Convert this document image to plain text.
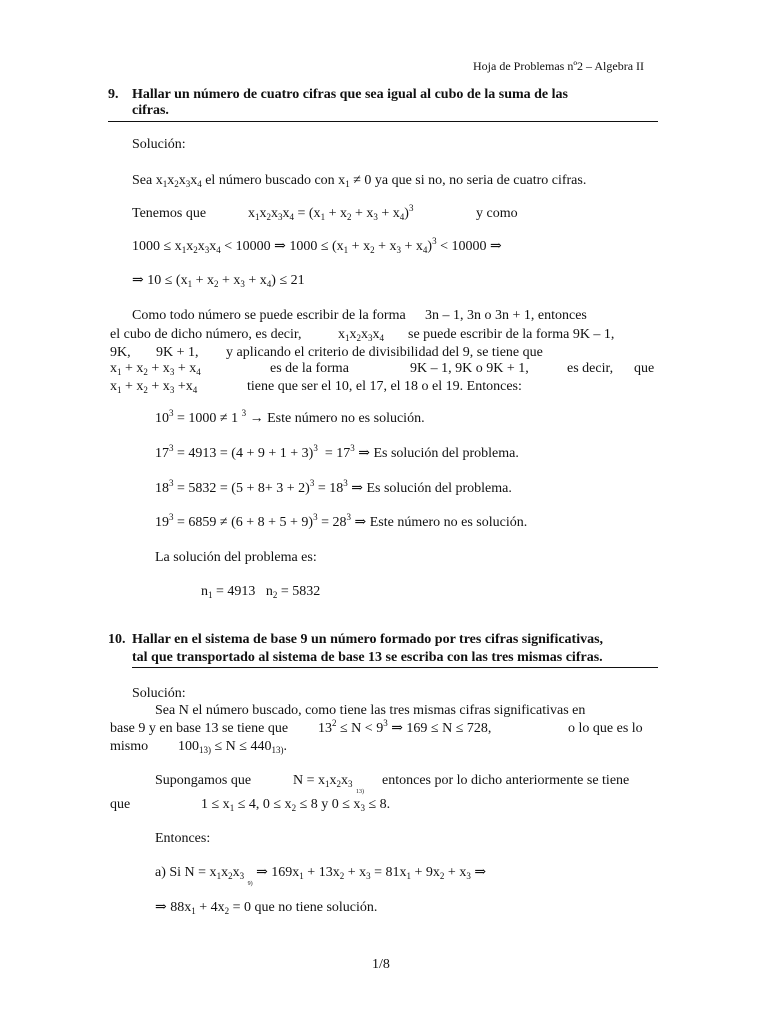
Hoja de Problemas nº2 – Algebra II
9. Hallar un número de cuatro cifras que sea igual al cubo de la suma de las
cifras.
Solución:
Sea $x_1x_2x_3x_4$ el número buscado con $x_1 \ne 0$ ya que si no, no seria de cuatro cifras.
Tenemos que	$x_1x_2x_3x_4 = (x_1 + x_2 + x_3 + x_4)^3$	y como
$1000 \le x_1x_2x_3x_4 < 10000$ ⇒ $1000 \le (x_1 + x_2 + x_3 + x_4)^3 < 10000$ ⇒
⇒ $10 \le (x_1 + x_2 + x_3 + x_4) \le 21$
Como todo número se puede escribir de la forma 3n – 1, 3n o 3n + 1, entonces
el cubo de dicho número, es decir,	$x_1x_2x_3x_4$ se puede escribir de la forma 9K – 1,
9K, 9K + 1, y aplicando el criterio de divisibilidad del 9, se tiene que
$x_1 + x_2 + x_3 + x_4$	es de la forma	9K – 1, 9K o 9K + 1,	es decir, que
$x_1 + x_2 + x_3 +x_4$	tiene que ser el 10, el 17, el 18 o el 19. Entonces:
$10^3 = 1000 \ne 1$ $^3$ → Este número no es solución.
$17^3 = 4913 = (4 + 9 + 1 + 3)^3 = 17^3$ ⇒ Es solución del problema.
$18^3 = 5832 = (5 + 8+ 3 + 2)^3 = 18^3$ ⇒ Es solución del problema.
$19^3 = 6859 \ne (6 + 8 + 5 + 9)^3 = 28^3$ ⇒ Este número no es solución.
La solución del problema es:
$n_1 = 4913$   $n_2 = 5832$
10. Hallar en el sistema de base 9 un número formado por tres cifras significativas,
tal que transportado al sistema de base 13 se escriba con las tres mismas cifras.
Solución:
Sea N el número buscado, como tiene las tres mismas cifras significativas en
base 9 y en base 13 se tiene que $13^2 \le N < 9^3$ ⇒ 169 ≤ N ≤ 728,	o lo que es lo
mismo $100_{13)} \le N \le 440_{13)}$.
Supongamos que	$N = x_1x_2x_3$ $_{13)}$
entonces por lo dicho anteriormente se tiene
que	$1 \le x_1 \le 4$, $0 \le x_2 \le 8$ y $0 \le x_3 \le 8$.
Entonces:
a) Si $N = x_1x_2x_3$ $_{9)}$ ⇒ $169x_1 + 13x_2 + x_3 = 81x_1 + 9x_2 + x_3$ ⇒
⇒ $88x_1 + 4x_2 = 0$ que no tiene solución.
1/8
